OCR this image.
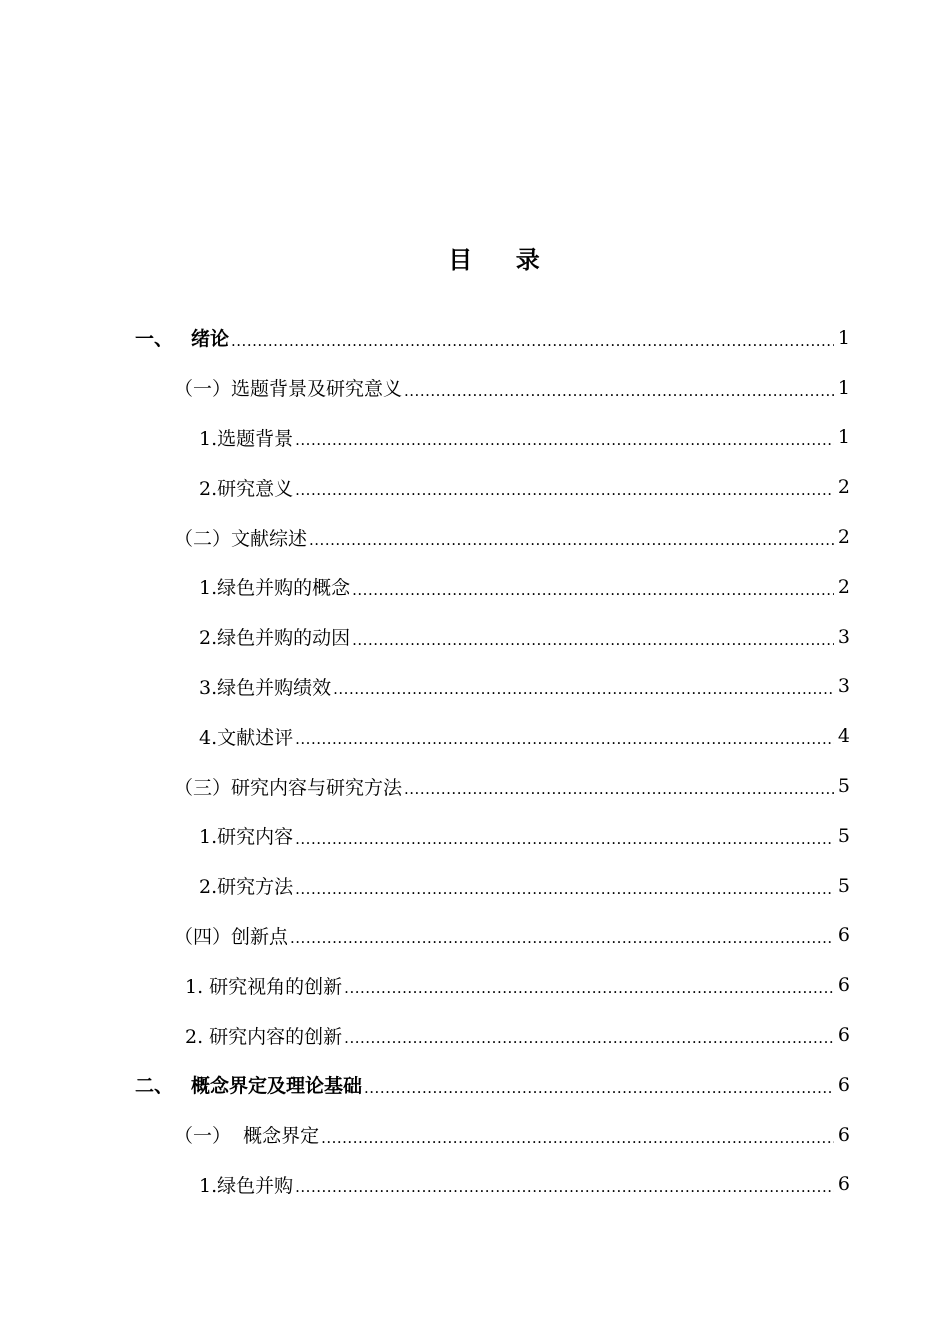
目    录
一、 绪论 .....	1
（一）选题背景及研究意义 .....	1
1.选题背景 .....	1
2.研究意义 .....	2
（二）文献综述 .....	2
1.绿色并购的概念 .....	2
2.绿色并购的动因 .....	3
3.绿色并购绩效 .....	3
4.文献述评 .....	4
（三）研究内容与研究方法 .....	5
1.研究内容 .....	5
2.研究方法 .....	5
（四）创新点 .....	6
1. 研究视角的创新 .....	6
2. 研究内容的创新 .....	6
二、 概念界定及理论基础 .....	6
（一）  概念界定 .....	6
1.绿色并购 .....	6
